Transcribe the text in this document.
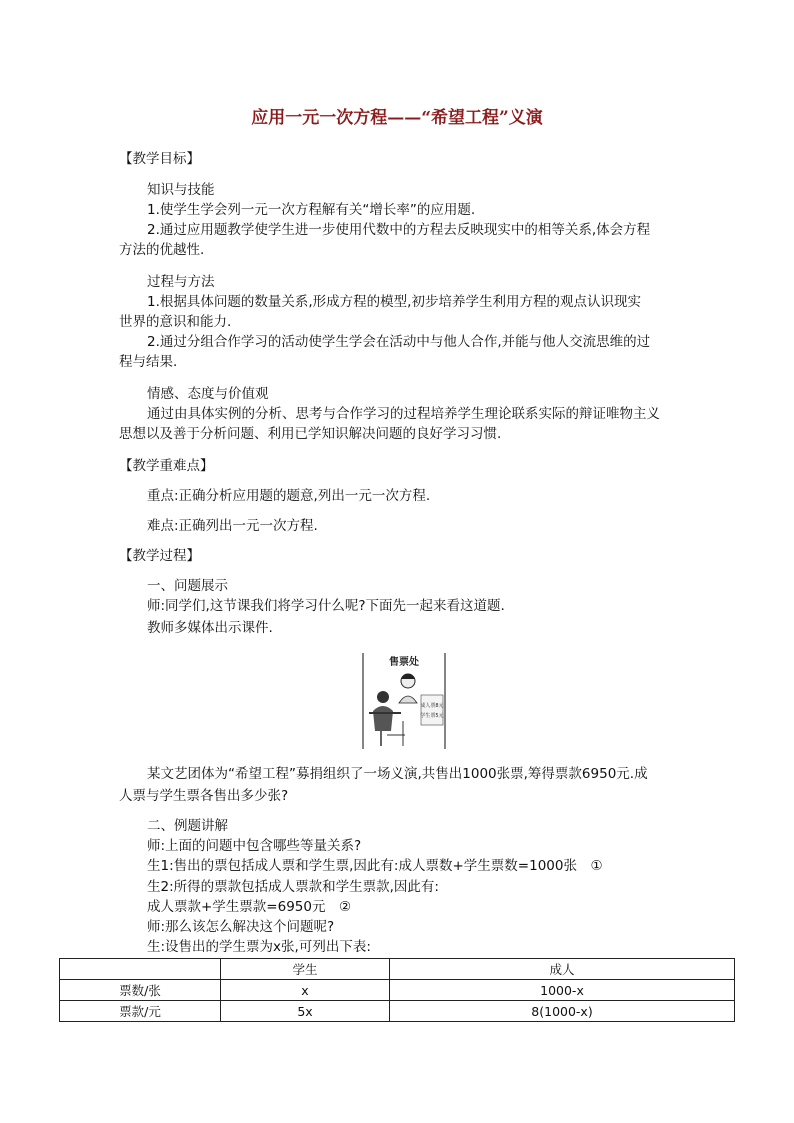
应用一元一次方程——“希望工程”义演
【教学目标】
知识与技能
1.使学生学会列一元一次方程解有关“增长率”的应用题.
2.通过应用题教学使学生进一步使用代数中的方程去反映现实中的相等关系,体会方程
方法的优越性.
过程与方法
1.根据具体问题的数量关系,形成方程的模型,初步培养学生利用方程的观点认识现实
世界的意识和能力.
2.通过分组合作学习的活动使学生学会在活动中与他人合作,并能与他人交流思维的过
程与结果.
情感、态度与价值观
通过由具体实例的分析、思考与合作学习的过程培养学生理论联系实际的辩证唯物主义
思想以及善于分析问题、利用已学知识解决问题的良好学习习惯.
【教学重难点】
重点:正确分析应用题的题意,列出一元一次方程.
难点:正确列出一元一次方程.
【教学过程】
一、问题展示
师:同学们,这节课我们将学习什么呢?下面先一起来看这道题.
教师多媒体出示课件.
售票处
成人票8元
学生票5元
某文艺团体为“希望工程”募捐组织了一场义演,共售出1000张票,筹得票款6950元.成
人票与学生票各售出多少张?
二、例题讲解
师:上面的问题中包含哪些等量关系?
生1:售出的票包括成人票和学生票,因此有:成人票数+学生票数=1000张　①
生2:所得的票款包括成人票款和学生票款,因此有:
成人票款+学生票款=6950元　②
师:那么该怎么解决这个问题呢?
生:设售出的学生票为x张,可列出下表:
	学生	成人
票数/张	x	1000-x
票款/元	5x	8(1000-x)
